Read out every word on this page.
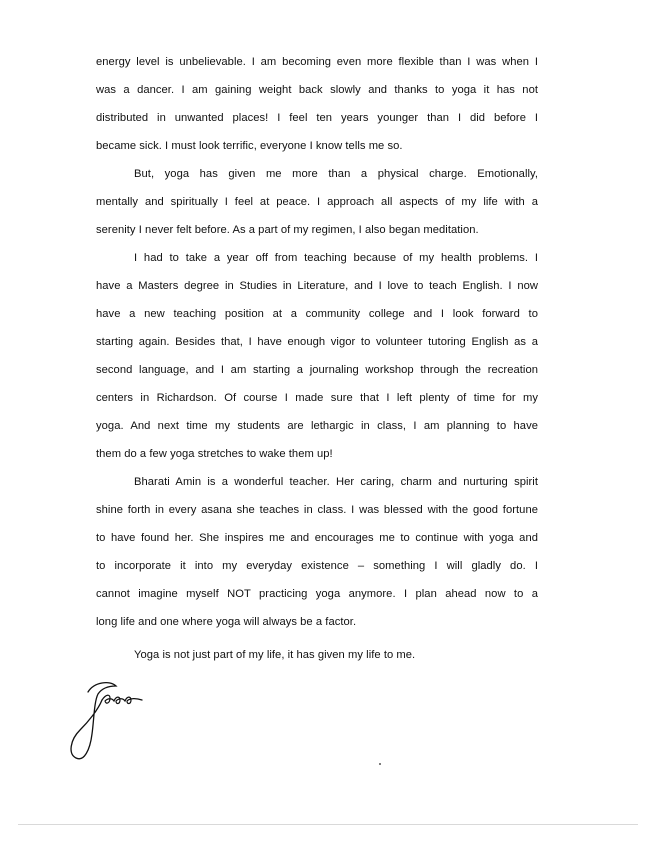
energy level is unbelievable. I am becoming even more flexible than I was when I
was a dancer. I am gaining weight back slowly and thanks to yoga it has not
distributed in unwanted places! I feel ten years younger than I did before I
became sick. I must look terrific, everyone I know tells me so.
But, yoga has given me more than a physical charge. Emotionally,
mentally and spiritually I feel at peace. I approach all aspects of my life with a
serenity I never felt before. As a part of my regimen, I also began meditation.
I had to take a year off from teaching because of my health problems. I
have a Masters degree in Studies in Literature, and I love to teach English. I now
have a new teaching position at a community college and I look forward to
starting again. Besides that, I have enough vigor to volunteer tutoring English as a
second language, and I am starting a journaling workshop through the recreation
centers in Richardson. Of course I made sure that I left plenty of time for my
yoga. And next time my students are lethargic in class, I am planning to have
them do a few yoga stretches to wake them up!
Bharati Amin is a wonderful teacher. Her caring, charm and nurturing spirit
shine forth in every asana she teaches in class. I was blessed with the good fortune
to have found her. She inspires me and encourages me to continue with yoga and
to incorporate it into my everyday existence – something I will gladly do. I
cannot imagine myself NOT practicing yoga anymore. I plan ahead now to a
long life and one where yoga will always be a factor.
Yoga is not just part of my life, it has given my life to me.
